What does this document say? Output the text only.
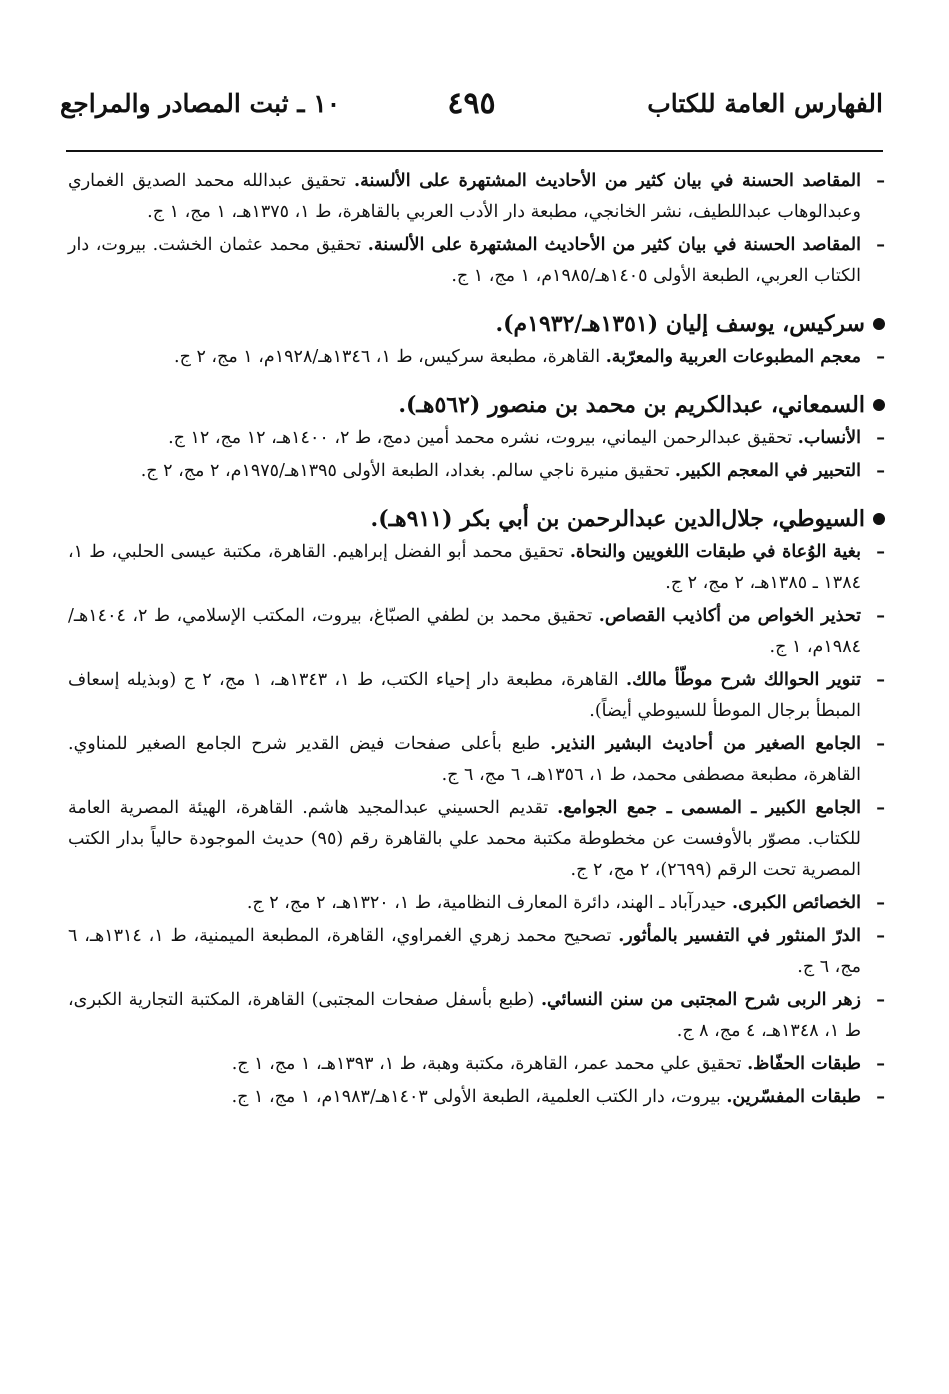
الفهارس العامة للكتاب
٤٩٥
١٠ ـ ثبت المصادر والمراجع
–
المقاصد الحسنة في بيان كثير من الأحاديث المشتهرة على الألسنة. تحقيق عبدالله محمد الصديق الغماري وعبدالوهاب عبداللطيف، نشر الخانجي، مطبعة دار الأدب العربي بالقاهرة، ط ١، ١٣٧٥هـ، ١ مج، ١ ج.
–
المقاصد الحسنة في بيان كثير من الأحاديث المشتهرة على الألسنة. تحقيق محمد عثمان الخشت. بيروت، دار الكتاب العربي، الطبعة الأولى ١٤٠٥هـ/١٩٨٥م، ١ مج، ١ ج.
سركيس، يوسف إليان (١٣٥١هـ/١٩٣٢م).
–
معجم المطبوعات العربية والمعرّبة. القاهرة، مطبعة سركيس، ط ١، ١٣٤٦هـ/١٩٢٨م، ١ مج، ٢ ج.
السمعاني، عبدالكريم بن محمد بن منصور (٥٦٢هـ).
–
الأنساب. تحقيق عبدالرحمن اليماني، بيروت، نشره محمد أمين دمج، ط ٢، ١٤٠٠هـ، ١٢ مج، ١٢ ج.
–
التحبير في المعجم الكبير. تحقيق منيرة ناجي سالم. بغداد، الطبعة الأولى ١٣٩٥هـ/١٩٧٥م، ٢ مج، ٢ ج.
السيوطي، جلال‌الدين عبدالرحمن بن أبي بكر (٩١١هـ).
–
بغية الوُعاة في طبقات اللغويين والنحاة. تحقيق محمد أبو الفضل إبراهيم. القاهرة، مكتبة عيسى الحلبي، ط ١، ١٣٨٤ ـ ١٣٨٥هـ، ٢ مج، ٢ ج.
–
تحذير الخواص من أكاذيب القصاص. تحقيق محمد بن لطفي الصبّاغ، بيروت، المكتب الإسلامي، ط ٢، ١٤٠٤هـ/١٩٨٤م، ١ ج.
–
تنوير الحوالك شرح موطّأ مالك. القاهرة، مطبعة دار إحياء الكتب، ط ١، ١٣٤٣هـ، ١ مج، ٢ ج (وبذيله إسعاف المبطأ برجال الموطأ للسيوطي أيضاً).
–
الجامع الصغير من أحاديث البشير النذير. طبع بأعلى صفحات فيض القدير شرح الجامع الصغير للمناوي. القاهرة، مطبعة مصطفى محمد، ط ١، ١٣٥٦هـ، ٦ مج، ٦ ج.
–
الجامع الكبير ـ المسمى ـ جمع الجوامع. تقديم الحسيني عبدالمجيد هاشم. القاهرة، الهيئة المصرية العامة للكتاب. مصوّر بالأوفست عن مخطوطة مكتبة محمد علي بالقاهرة رقم (٩٥) حديث الموجودة حالياً بدار الكتب المصرية تحت الرقم (٢٦٩٩)، ٢ مج، ٢ ج.
–
الخصائص الكبرى. حيدرآباد ـ الهند، دائرة المعارف النظامية، ط ١، ١٣٢٠هـ، ٢ مج، ٢ ج.
–
الدرّ المنثور في التفسير بالمأثور. تصحيح محمد زهري الغمراوي، القاهرة، المطبعة الميمنية، ط ١، ١٣١٤هـ، ٦ مج، ٦ ج.
–
زهر الربى شرح المجتبى من سنن النسائي. (طبع بأسفل صفحات المجتبى) القاهرة، المكتبة التجارية الكبرى، ط ١، ١٣٤٨هـ، ٤ مج، ٨ ج.
–
طبقات الحفّاظ. تحقيق علي محمد عمر، القاهرة، مكتبة وهبة، ط ١، ١٣٩٣هـ، ١ مج، ١ ج.
–
طبقات المفسّرين. بيروت، دار الكتب العلمية، الطبعة الأولى ١٤٠٣هـ/١٩٨٣م، ١ مج، ١ ج.
